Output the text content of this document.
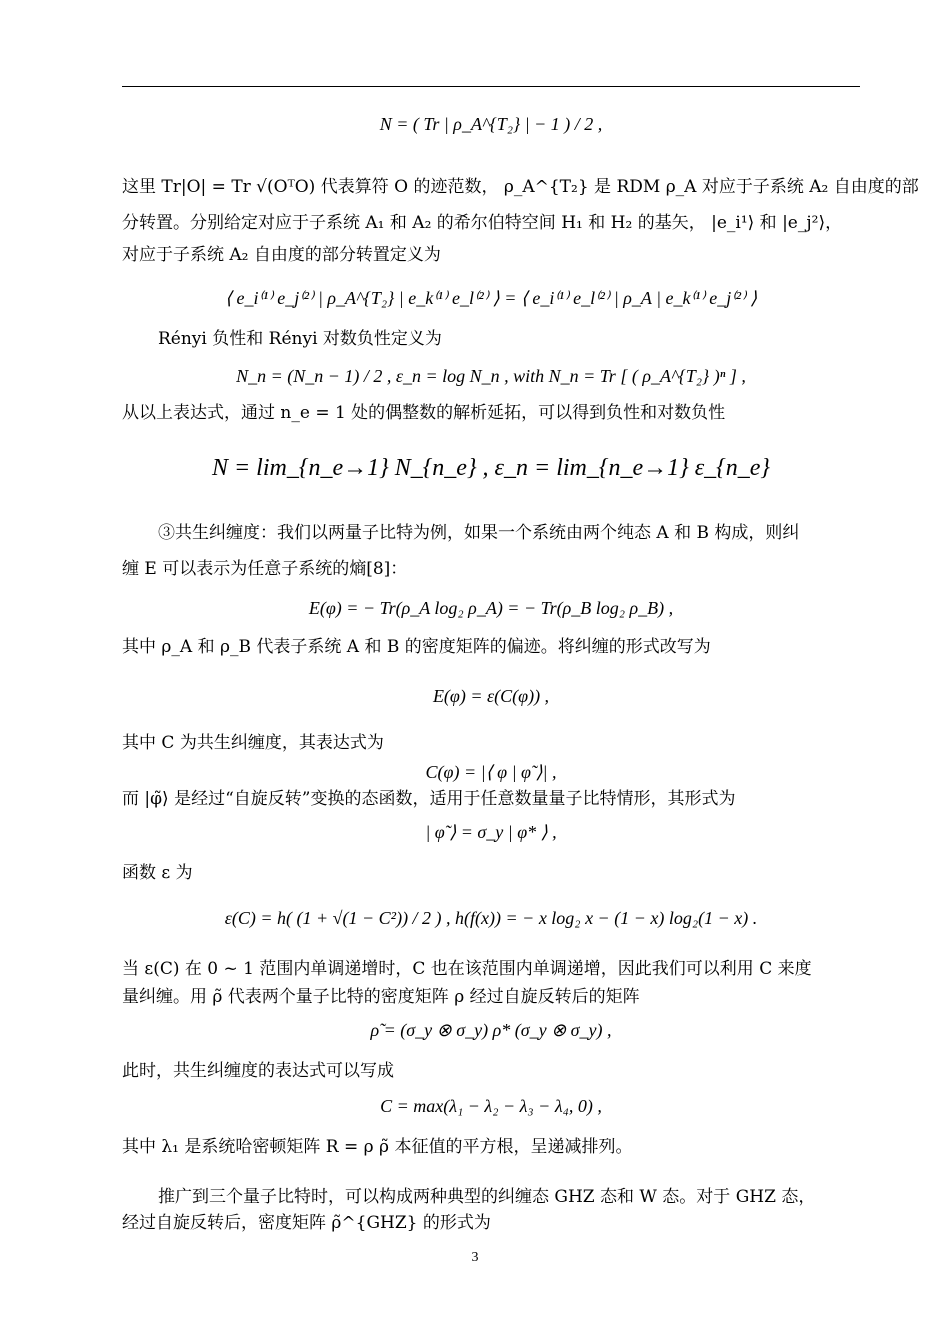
N = ( Tr | ρ_A^{T₂} | − 1 ) / 2 ,
这里 Tr|O| = Tr √(OᵀO) 代表算符 O 的迹范数， ρ_A^{T₂} 是 RDM ρ_A 对应于子系统 A₂ 自由度的部
分转置。分别给定对应于子系统 A₁ 和 A₂ 的希尔伯特空间 H₁ 和 H₂ 的基矢， |e_i¹⟩ 和 |e_j²⟩，
对应于子系统 A₂ 自由度的部分转置定义为
⟨ e_i⁽¹⁾ e_j⁽²⁾ | ρ_A^{T₂} | e_k⁽¹⁾ e_l⁽²⁾ ⟩ = ⟨ e_i⁽¹⁾ e_l⁽²⁾ | ρ_A | e_k⁽¹⁾ e_j⁽²⁾ ⟩
Rényi 负性和 Rényi 对数负性定义为
N_n = (N_n − 1) / 2 , ε_n = log N_n , with N_n = Tr [ ( ρ_A^{T₂} )ⁿ ] ,
从以上表达式，通过 n_e = 1 处的偶整数的解析延拓，可以得到负性和对数负性
N = lim_{n_e→1} N_{n_e} , ε_n = lim_{n_e→1} ε_{n_e}
③共生纠缠度：我们以两量子比特为例，如果一个系统由两个纯态 A 和 B 构成，则纠
缠 E 可以表示为任意子系统的熵[8]：
E(φ) = − Tr(ρ_A log₂ ρ_A) = − Tr(ρ_B log₂ ρ_B) ,
其中 ρ_A 和 ρ_B 代表子系统 A 和 B 的密度矩阵的偏迹。将纠缠的形式改写为
E(φ) = ε(C(φ)) ,
其中 C 为共生纠缠度，其表达式为
C(φ) = |⟨ φ | φ̃ ⟩| ,
而 |φ̃⟩ 是经过“自旋反转”变换的态函数，适用于任意数量量子比特情形，其形式为
| φ̃ ⟩ = σ_y | φ* ⟩ ,
函数 ε 为
ε(C) = h( (1 + √(1 − C²)) / 2 ) , h(f(x)) = − x log₂ x − (1 − x) log₂(1 − x) .
当 ε(C) 在 0 ~ 1 范围内单调递增时，C 也在该范围内单调递增，因此我们可以利用 C 来度
量纠缠。用 ρ̃ 代表两个量子比特的密度矩阵 ρ 经过自旋反转后的矩阵
ρ̃ = (σ_y ⊗ σ_y) ρ* (σ_y ⊗ σ_y) ,
此时，共生纠缠度的表达式可以写成
C = max(λ₁ − λ₂ − λ₃ − λ₄, 0) ,
其中 λ₁ 是系统哈密顿矩阵 R = ρ ρ̃ 本征值的平方根，呈递减排列。
推广到三个量子比特时，可以构成两种典型的纠缠态 GHZ 态和 W 态。对于 GHZ 态，
经过自旋反转后，密度矩阵 ρ̃^{GHZ} 的形式为
3
